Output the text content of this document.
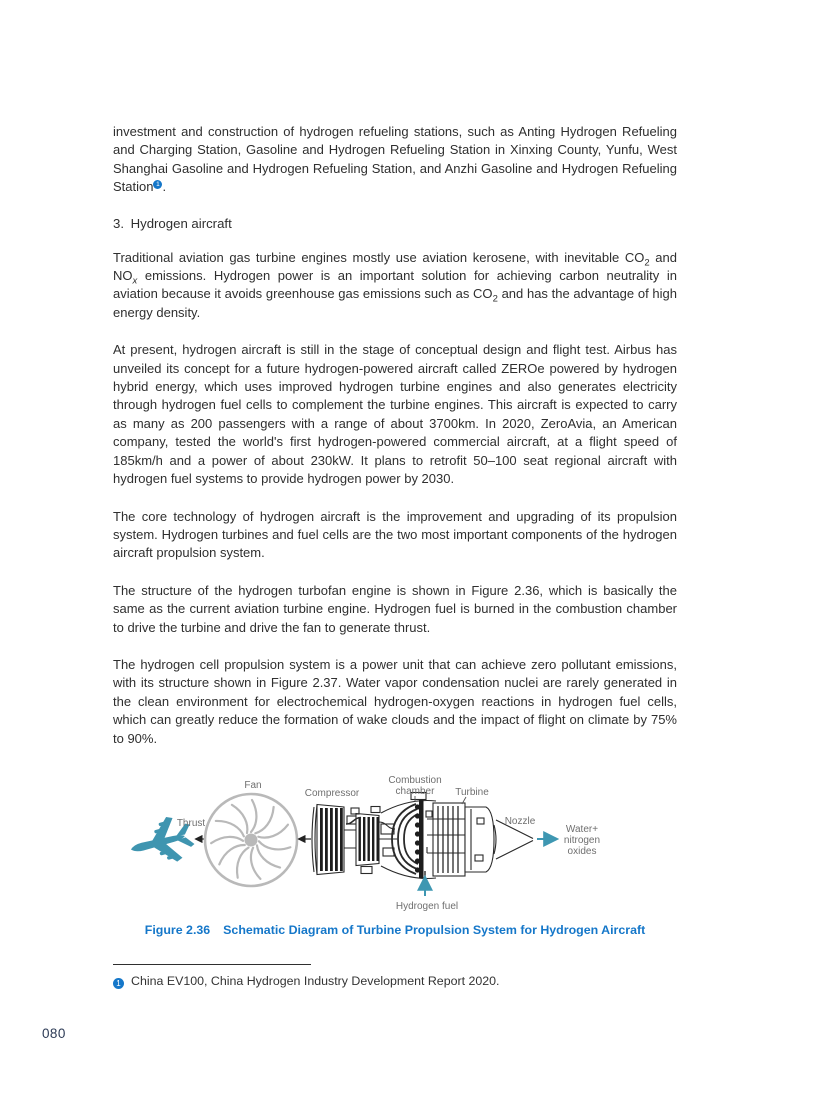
investment and construction of hydrogen refueling stations, such as Anting Hydrogen Refueling and Charging Station, Gasoline and Hydrogen Refueling Station in Xinxing County, Yunfu, West Shanghai Gasoline and Hydrogen Refueling Station, and Anzhi Gasoline and Hydrogen Refueling Station 1 .

3. Hydrogen aircraft

Traditional aviation gas turbine engines mostly use aviation kerosene, with inevitable $CO_2$ and $NO_x$ emissions. Hydrogen power is an important solution for achieving carbon neutrality in aviation because it avoids greenhouse gas emissions such as $CO_2$ and has the advantage of high energy density.

At present, hydrogen aircraft is still in the stage of conceptual design and flight test. Airbus has unveiled its concept for a future hydrogen-powered aircraft called ZEROe powered by hydrogen hybrid energy, which uses improved hydrogen turbine engines and also generates electricity through hydrogen fuel cells to complement the turbine engines. This aircraft is expected to carry as many as 200 passengers with a range of about 3700km. In 2020, ZeroAvia, an American company, tested the world's first hydrogen-powered commercial aircraft, at a flight speed of 185km/h and a power of about 230kW. It plans to retrofit 50–100 seat regional aircraft with hydrogen fuel systems to provide hydrogen power by 2030.

The core technology of hydrogen aircraft is the improvement and upgrading of its propulsion system. Hydrogen turbines and fuel cells are the two most important components of the hydrogen aircraft propulsion system.

The structure of the hydrogen turbofan engine is shown in Figure 2.36, which is basically the same as the current aviation turbine engine. Hydrogen fuel is burned in the combustion chamber to drive the turbine and drive the fan to generate thrust.

The hydrogen cell propulsion system is a power unit that can achieve zero pollutant emissions, with its structure shown in Figure 2.37. Water vapor condensation nuclei are rarely generated in the clean environment for electrochemical hydrogen-oxygen reactions in hydrogen fuel cells, which can greatly reduce the formation of wake clouds and the impact of flight on climate by 75% to 90%.

Thrust
Fan
Compressor
Combustion
chamber Turbine
Nozzle
Water+
nitrogen
oxides
Hydrogen fuel
Figure 2.36 Schematic Diagram of Turbine Propulsion System for Hydrogen Aircraft

1 China EV100, China Hydrogen Industry Development Report 2020.

080
